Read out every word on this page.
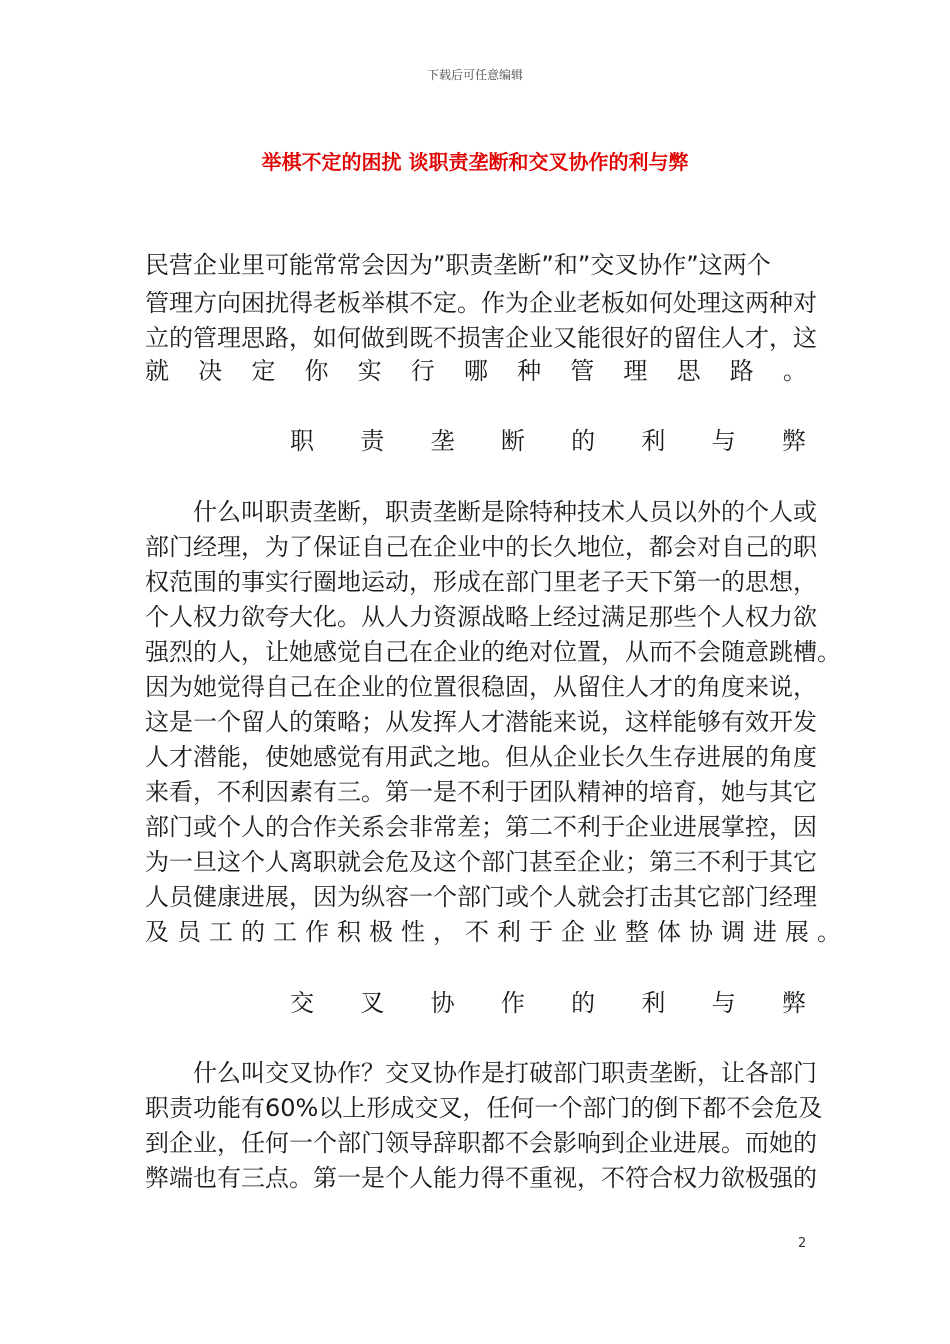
下载后可任意编辑
举棋不定的困扰 谈职责垄断和交叉协作的利与弊
民营企业里可能常常会因为”职责垄断”和”交叉协作”这两个
管理方向困扰得老板举棋不定。作为企业老板如何处理这两种对
立的管理思路，如何做到既不损害企业又能很好的留住人才，这
就 决 定 你 实 行 哪 种 管 理 思 路 。
职 责 垄 断 的 利 与 弊
什么叫职责垄断，职责垄断是除特种技术人员以外的个人或
部门经理，为了保证自己在企业中的长久地位，都会对自己的职
权范围的事实行圈地运动，形成在部门里老子天下第一的思想，
个人权力欲夸大化。从人力资源战略上经过满足那些个人权力欲
强烈的人，让她感觉自己在企业的绝对位置，从而不会随意跳槽。
因为她觉得自己在企业的位置很稳固，从留住人才的角度来说，
这是一个留人的策略；从发挥人才潜能来说，这样能够有效开发
人才潜能，使她感觉有用武之地。但从企业长久生存进展的角度
来看，不利因素有三。第一是不利于团队精神的培育，她与其它
部门或个人的合作关系会非常差；第二不利于企业进展掌控，因
为一旦这个人离职就会危及这个部门甚至企业；第三不利于其它
人员健康进展，因为纵容一个部门或个人就会打击其它部门经理
及员工的工作积极性，不利于企业整体协调进展。
交 叉 协 作 的 利 与 弊
什么叫交叉协作？交叉协作是打破部门职责垄断，让各部门
职责功能有60%以上形成交叉，任何一个部门的倒下都不会危及
到企业，任何一个部门领导辞职都不会影响到企业进展。而她的
弊端也有三点。第一是个人能力得不重视，不符合权力欲极强的
2
